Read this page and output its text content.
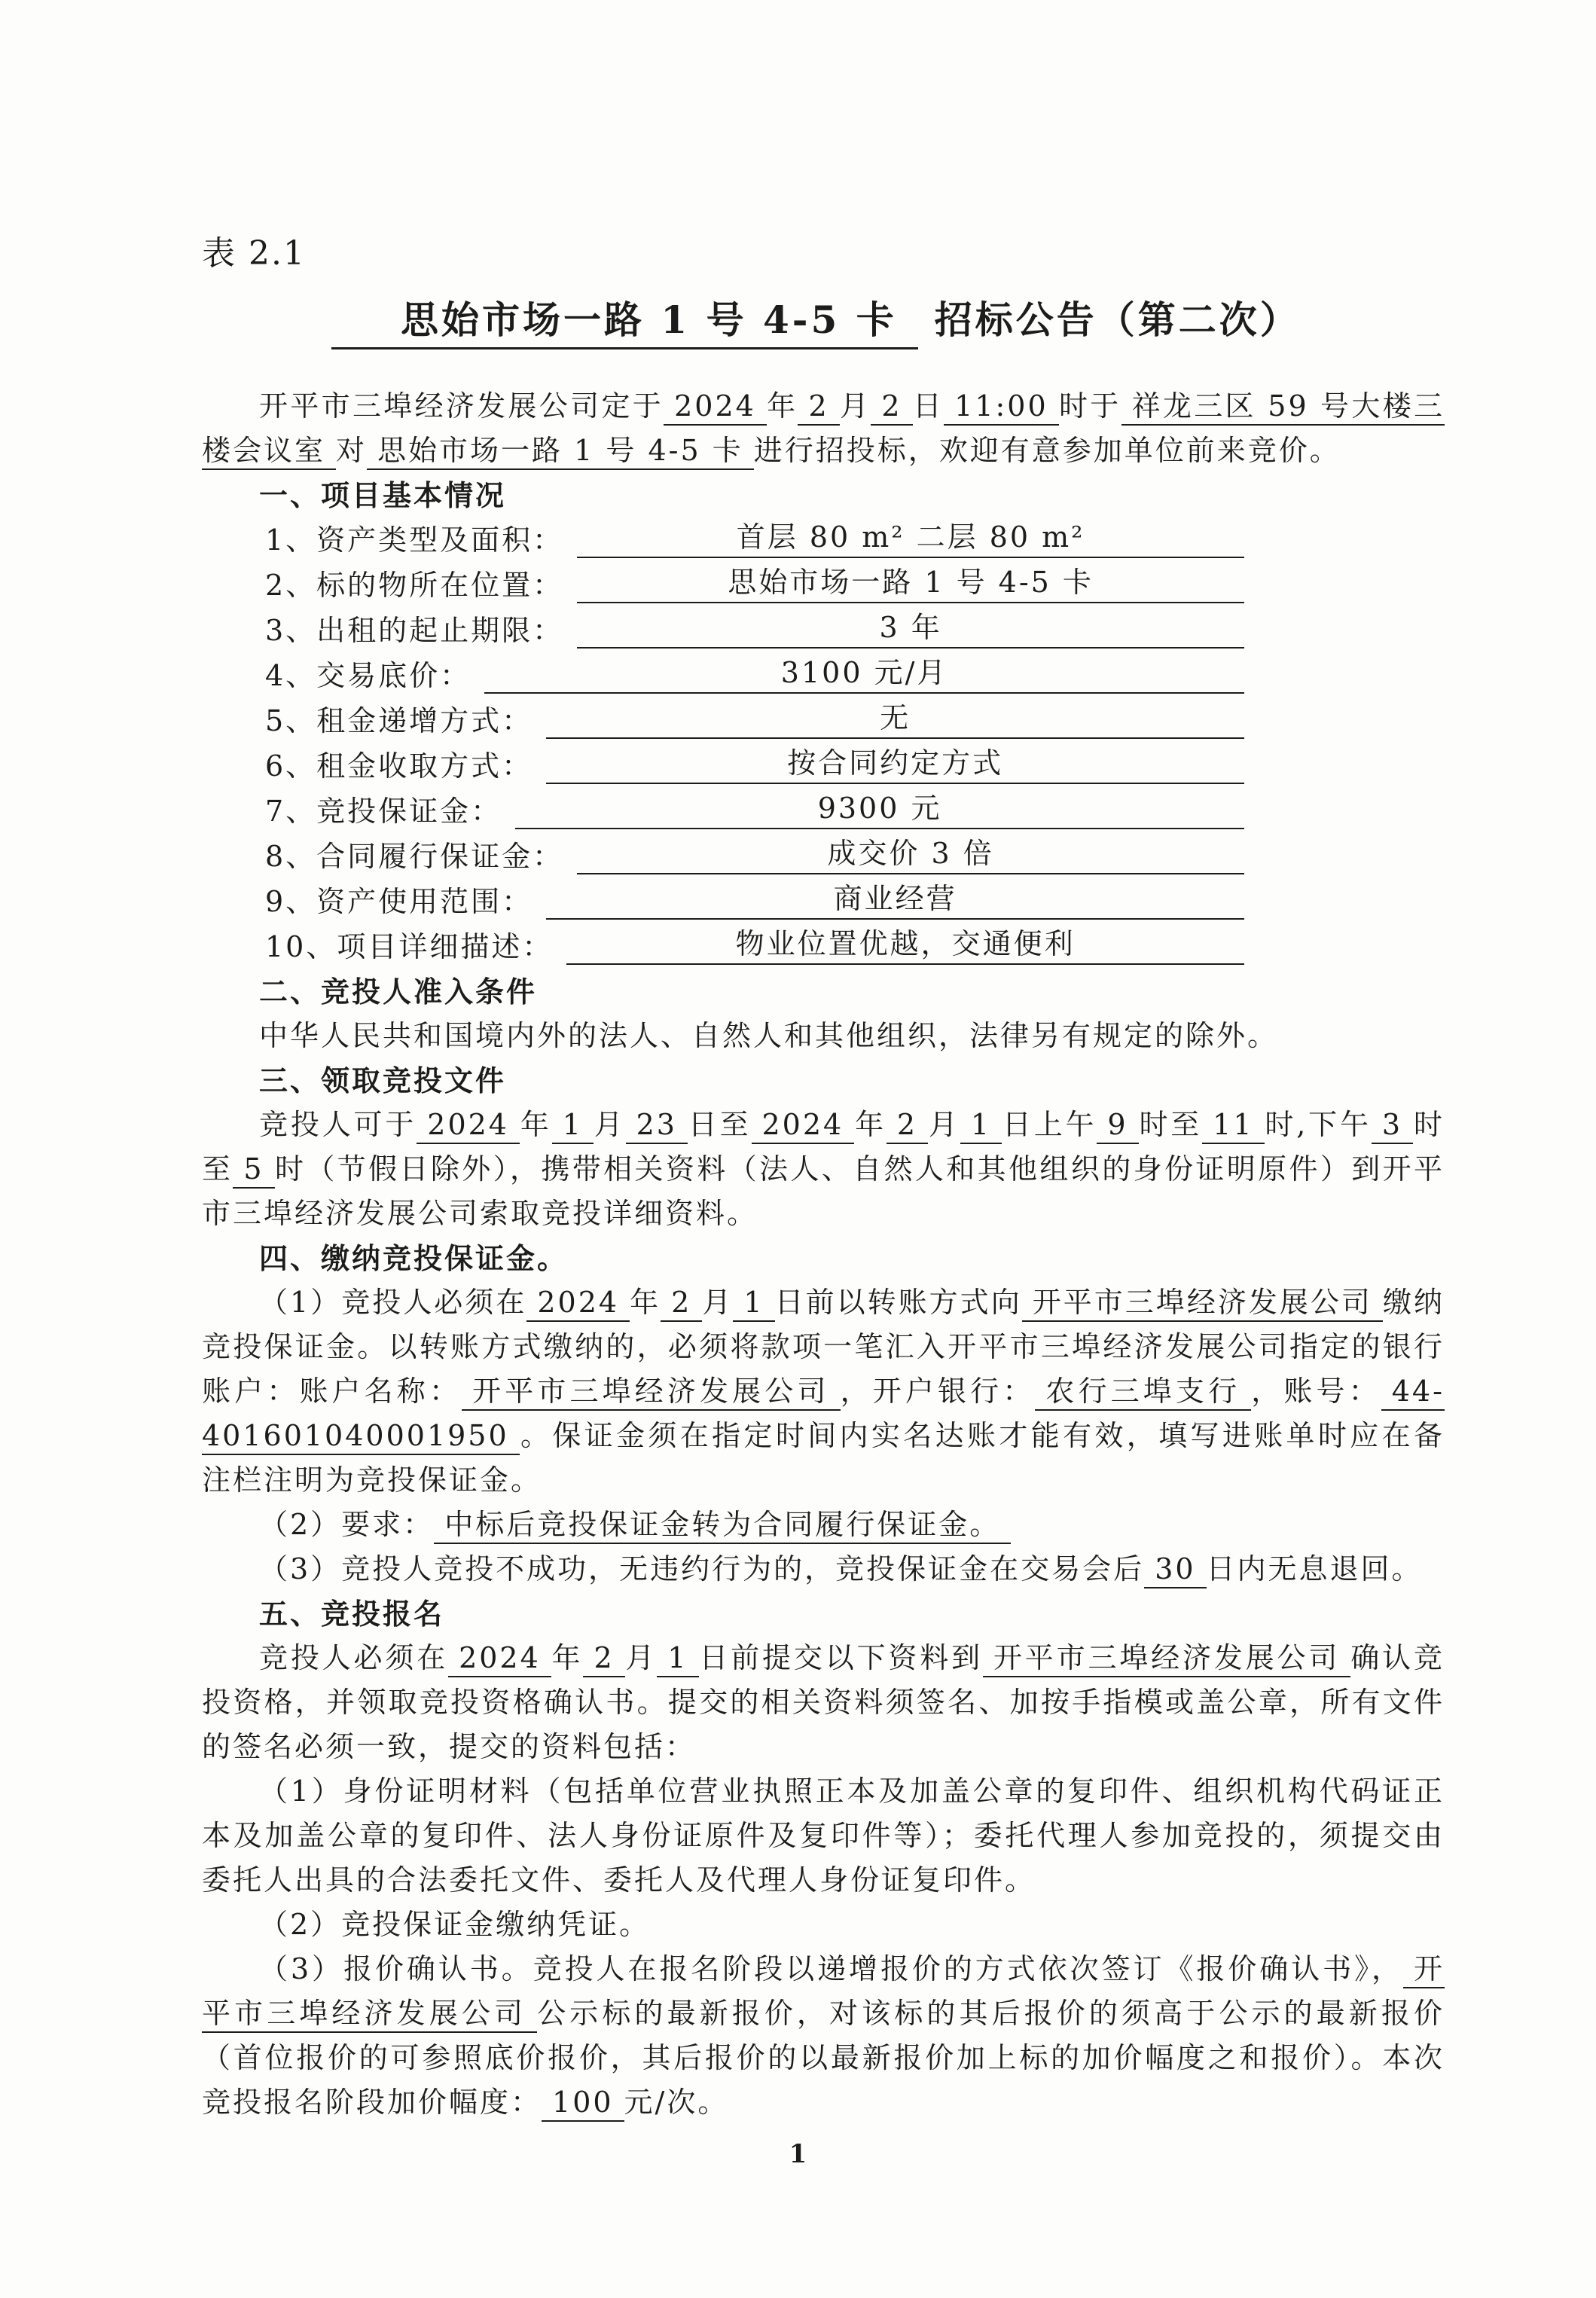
表 2.1
思始市场一路 1 号 4-5 卡 招标公告（第二次）

开平市三埠经济发展公司定于 2024 年 2 月 2 日 11:00 时于 祥龙三区 59 号大楼三楼会议室 对 思始市场一路 1 号 4-5 卡 进行招投标，欢迎有意参加单位前来竞价。

一、项目基本情况

1、资产类型及面积：	首层 80 m² 二层 80 m²
2、标的物所在位置：	思始市场一路 1 号 4-5 卡
3、出租的起止期限：	3 年
4、交易底价：	3100 元/月
5、租金递增方式：	无
6、租金收取方式：	按合同约定方式
7、竞投保证金：	9300 元
8、合同履行保证金：	成交价 3 倍
9、资产使用范围：	商业经营
10、项目详细描述：	物业位置优越，交通便利

二、竞投人准入条件

中华人民共和国境内外的法人、自然人和其他组织，法律另有规定的除外。

三、领取竞投文件

竞投人可于 2024 年 1 月 23 日至 2024 年 2 月 1 日上午 9 时至 11 时,下午 3 时至 5 时（节假日除外），携带相关资料（法人、自然人和其他组织的身份证明原件）到开平市三埠经济发展公司索取竞投详细资料。

四、缴纳竞投保证金。

（1）竞投人必须在 2024 年 2 月 1 日前以转账方式向 开平市三埠经济发展公司 缴纳竞投保证金。以转账方式缴纳的，必须将款项一笔汇入开平市三埠经济发展公司指定的银行账户：账户名称： 开平市三埠经济发展公司 ，开户银行： 农行三埠支行 ，账号： 44-401601040001950 。保证金须在指定时间内实名达账才能有效，填写进账单时应在备注栏注明为竞投保证金。

（2）要求： 中标后竞投保证金转为合同履行保证金。

（3）竞投人竞投不成功，无违约行为的，竞投保证金在交易会后 30 日内无息退回。

五、竞投报名

竞投人必须在 2024 年 2 月 1 日前提交以下资料到 开平市三埠经济发展公司 确认竞投资格，并领取竞投资格确认书。提交的相关资料须签名、加按手指模或盖公章，所有文件的签名必须一致，提交的资料包括：

（1）身份证明材料（包括单位营业执照正本及加盖公章的复印件、组织机构代码证正本及加盖公章的复印件、法人身份证原件及复印件等）；委托代理人参加竞投的，须提交由委托人出具的合法委托文件、委托人及代理人身份证复印件。

（2）竞投保证金缴纳凭证。

（3）报价确认书。竞投人在报名阶段以递增报价的方式依次签订《报价确认书》， 开平市三埠经济发展公司 公示标的最新报价，对该标的其后报价的须高于公示的最新报价（首位报价的可参照底价报价，其后报价的以最新报价加上标的加价幅度之和报价）。本次竞投报名阶段加价幅度： 100 元/次。

1
